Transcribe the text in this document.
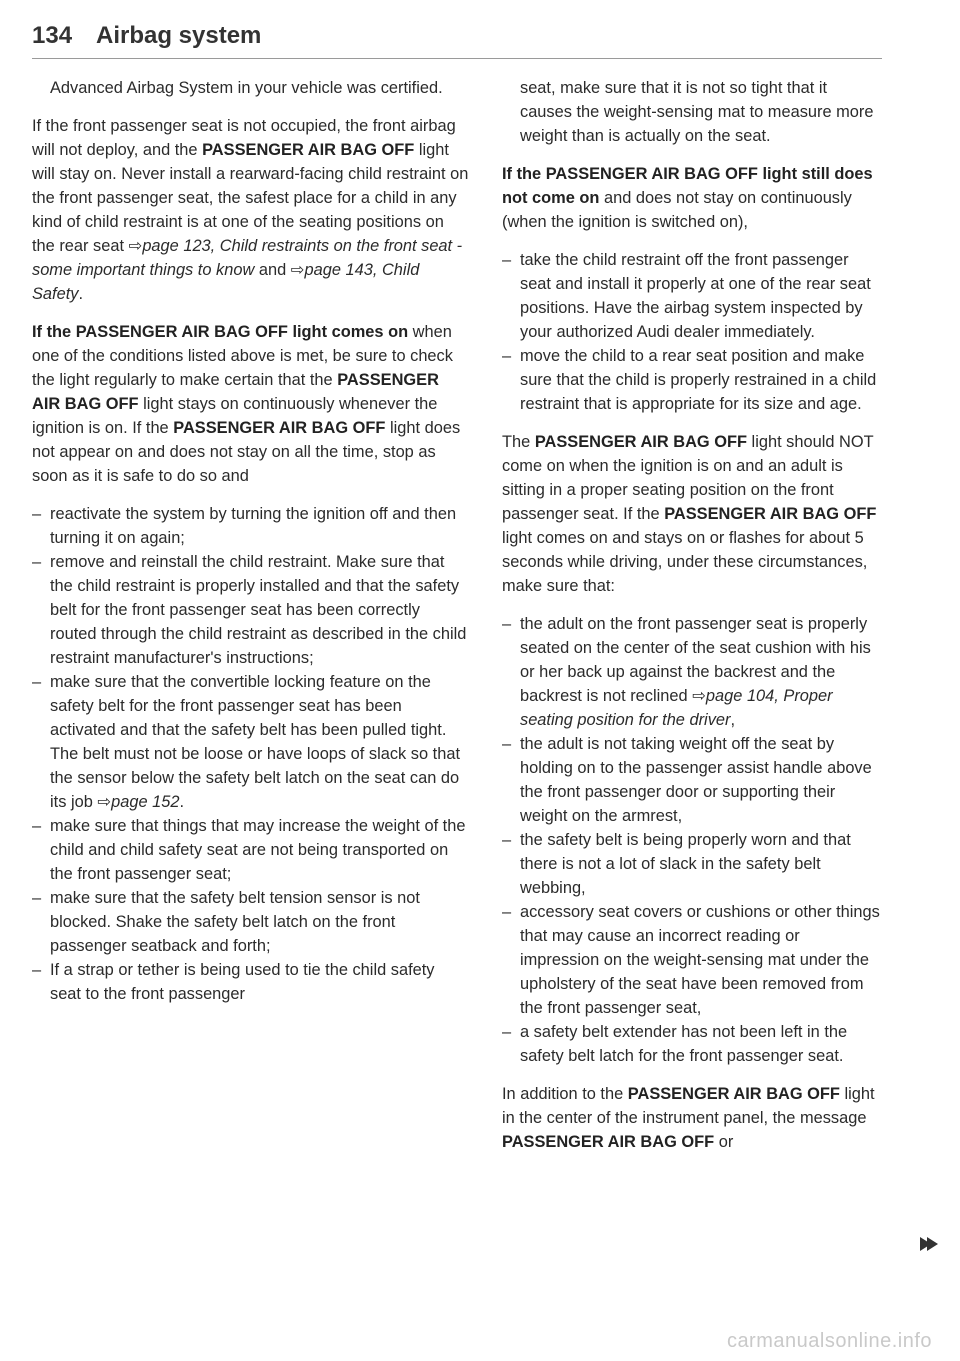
134 Airbag system

Advanced Airbag System in your vehicle was certified.

If the front passenger seat is not occupied, the front airbag will not deploy, and the PASSENGER AIR BAG OFF light will stay on. Never install a rearward-facing child restraint on the front passenger seat, the safest place for a child in any kind of child restraint is at one of the seating positions on the rear seat ⇨page 123, Child restraints on the front seat - some important things to know and ⇨page 143, Child Safety.

If the PASSENGER AIR BAG OFF light comes on when one of the conditions listed above is met, be sure to check the light regularly to make certain that the PASSENGER AIR BAG OFF light stays on continuously whenever the ignition is on. If the PASSENGER AIR BAG OFF light does not appear on and does not stay on all the time, stop as soon as it is safe to do so and

– reactivate the system by turning the ignition off and then turning it on again;
– remove and reinstall the child restraint. Make sure that the child restraint is properly installed and that the safety belt for the front passenger seat has been correctly routed through the child restraint as described in the child restraint manufacturer's instructions;
– make sure that the convertible locking feature on the safety belt for the front passenger seat has been activated and that the safety belt has been pulled tight. The belt must not be loose or have loops of slack so that the sensor below the safety belt latch on the seat can do its job ⇨page 152.
– make sure that things that may increase the weight of the child and child safety seat are not being transported on the front passenger seat;
– make sure that the safety belt tension sensor is not blocked. Shake the safety belt latch on the front passenger seatback and forth;
– If a strap or tether is being used to tie the child safety seat to the front passenger

seat, make sure that it is not so tight that it causes the weight-sensing mat to measure more weight than is actually on the seat.

If the PASSENGER AIR BAG OFF light still does not come on and does not stay on continuously (when the ignition is switched on),

– take the child restraint off the front passenger seat and install it properly at one of the rear seat positions. Have the airbag system inspected by your authorized Audi dealer immediately.
– move the child to a rear seat position and make sure that the child is properly restrained in a child restraint that is appropriate for its size and age.

The PASSENGER AIR BAG OFF light should NOT come on when the ignition is on and an adult is sitting in a proper seating position on the front passenger seat. If the PASSENGER AIR BAG OFF light comes on and stays on or flashes for about 5 seconds while driving, under these circumstances, make sure that:

– the adult on the front passenger seat is properly seated on the center of the seat cushion with his or her back up against the backrest and the backrest is not reclined ⇨page 104, Proper seating position for the driver,
– the adult is not taking weight off the seat by holding on to the passenger assist handle above the front passenger door or supporting their weight on the armrest,
– the safety belt is being properly worn and that there is not a lot of slack in the safety belt webbing,
– accessory seat covers or cushions or other things that may cause an incorrect reading or impression on the weight-sensing mat under the upholstery of the seat have been removed from the front passenger seat,
– a safety belt extender has not been left in the safety belt latch for the front passenger seat.

In addition to the PASSENGER AIR BAG OFF light in the center of the instrument panel, the message PASSENGER AIR BAG OFF or

carmanualsonline.info
